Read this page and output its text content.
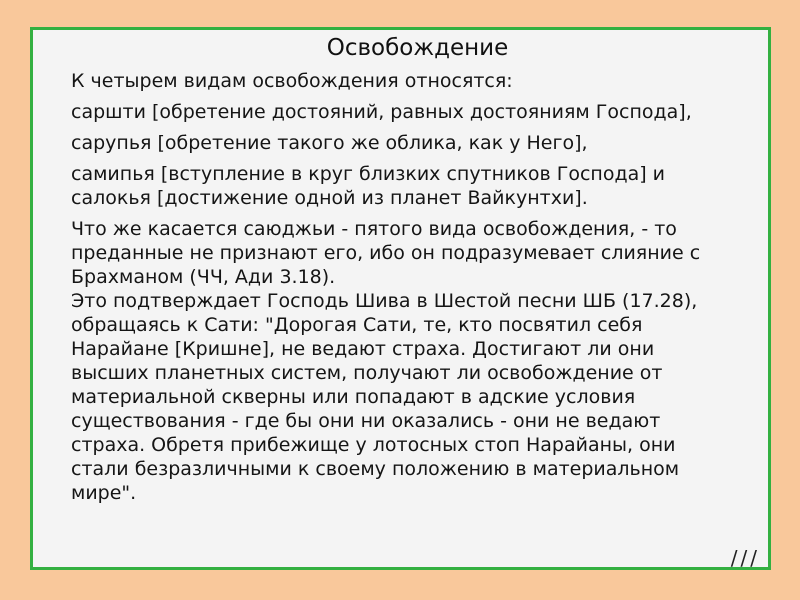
Освобождение
К четырем видам освобождения относятся:
саршти [обретение достояний, равных достояниям Господа],
сарупья [обретение такого же облика, как у Него],
самипья [вступление в круг близких спутников Господа] и
салокья [достижение одной из планет Вайкунтхи].
Что же касается саюджьи - пятого вида освобождения, - то
преданные не признают его, ибо он подразумевает слияние с
Брахманом (ЧЧ, Ади 3.18).
Это подтверждает Господь Шива в Шестой песни ШБ (17.28),
обращаясь к Сати: "Дорогая Сати, те, кто посвятил себя
Нарайане [Кришне], не ведают страха. Достигают ли они
высших планетных систем, получают ли освобождение от
материальной скверны или попадают в адские условия
существования - где бы они ни оказались - они не ведают
страха. Обретя прибежище у лотосных стоп Нарайаны, они
стали безразличными к своему положению в материальном
мире".
///
